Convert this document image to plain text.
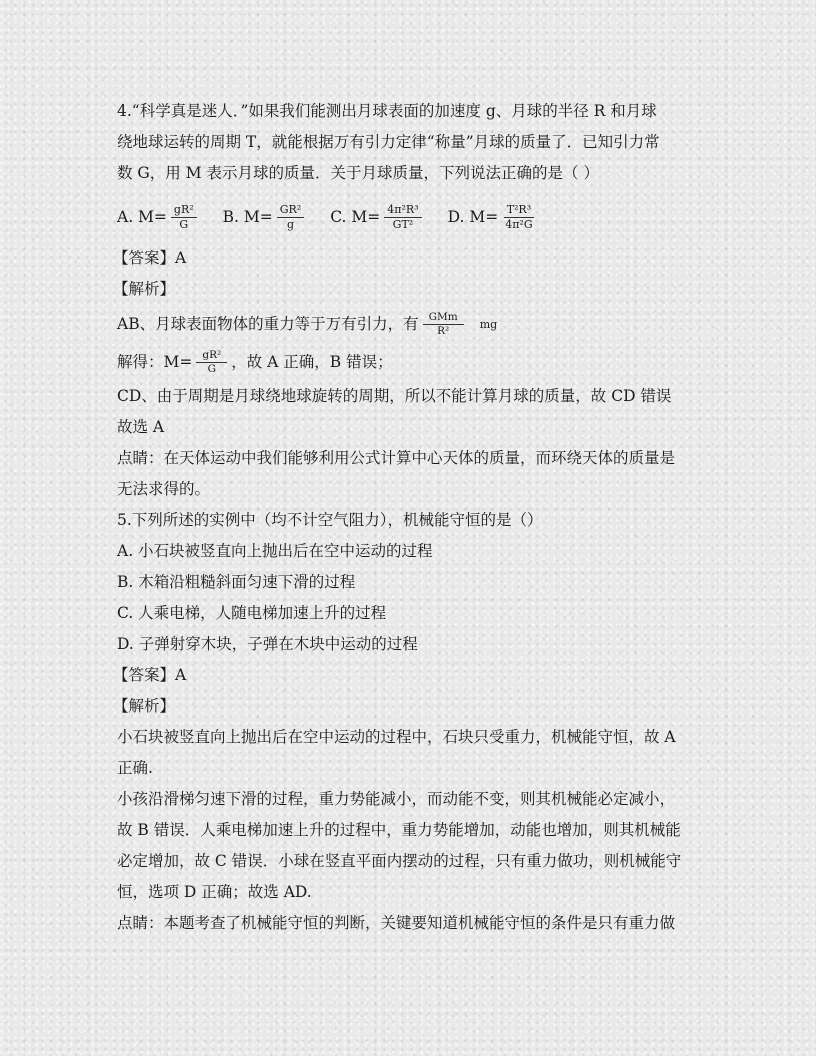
4.“科学真是迷人．”如果我们能测出月球表面的加速度 g、月球的半径 R 和月球
绕地球运转的周期 T，就能根据万有引力定律“称量”月球的质量了．已知引力常
数 G，用 M 表示月球的质量．关于月球质量，下列说法正确的是（ ）
A. $M= \frac{\text{gR²}}{G} B$. $M= \frac{\text{GR²}}{g} C$. $M= \frac{\text{4π²R³}}{\text{GT²}} D$. $M= \frac{\text{T²R³}}{\text{4π²G}}$
【答案】A
【解析】
AB、月球表面物体的重力等于万有引力，有 $\frac{\text{GMm}}{\text{R²}}$ mg
解得：$M= \frac{\text{gR²}}{G}$ ，故 A 正确，B 错误；
CD、由于周期是月球绕地球旋转的周期，所以不能计算月球的质量，故 CD 错误
故选 A
点睛：在天体运动中我们能够利用公式计算中心天体的质量，而环绕天体的质量是
无法求得的。
5.下列所述的实例中（均不计空气阻力），机械能守恒的是（）
A. 小石块被竖直向上抛出后在空中运动的过程
B. 木箱沿粗糙斜面匀速下滑的过程
C. 人乘电梯，人随电梯加速上升的过程
D. 子弹射穿木块，子弹在木块中运动的过程
【答案】A
【解析】
小石块被竖直向上抛出后在空中运动的过程中，石块只受重力，机械能守恒，故 A
正确.
小孩沿滑梯匀速下滑的过程，重力势能减小，而动能不变，则其机械能必定减小，
故 B 错误．人乘电梯加速上升的过程中，重力势能增加，动能也增加，则其机械能
必定增加，故 C 错误．小球在竖直平面内摆动的过程，只有重力做功，则机械能守
恒，选项 D 正确；故选 AD.
点睛：本题考查了机械能守恒的判断，关键要知道机械能守恒的条件是只有重力做
